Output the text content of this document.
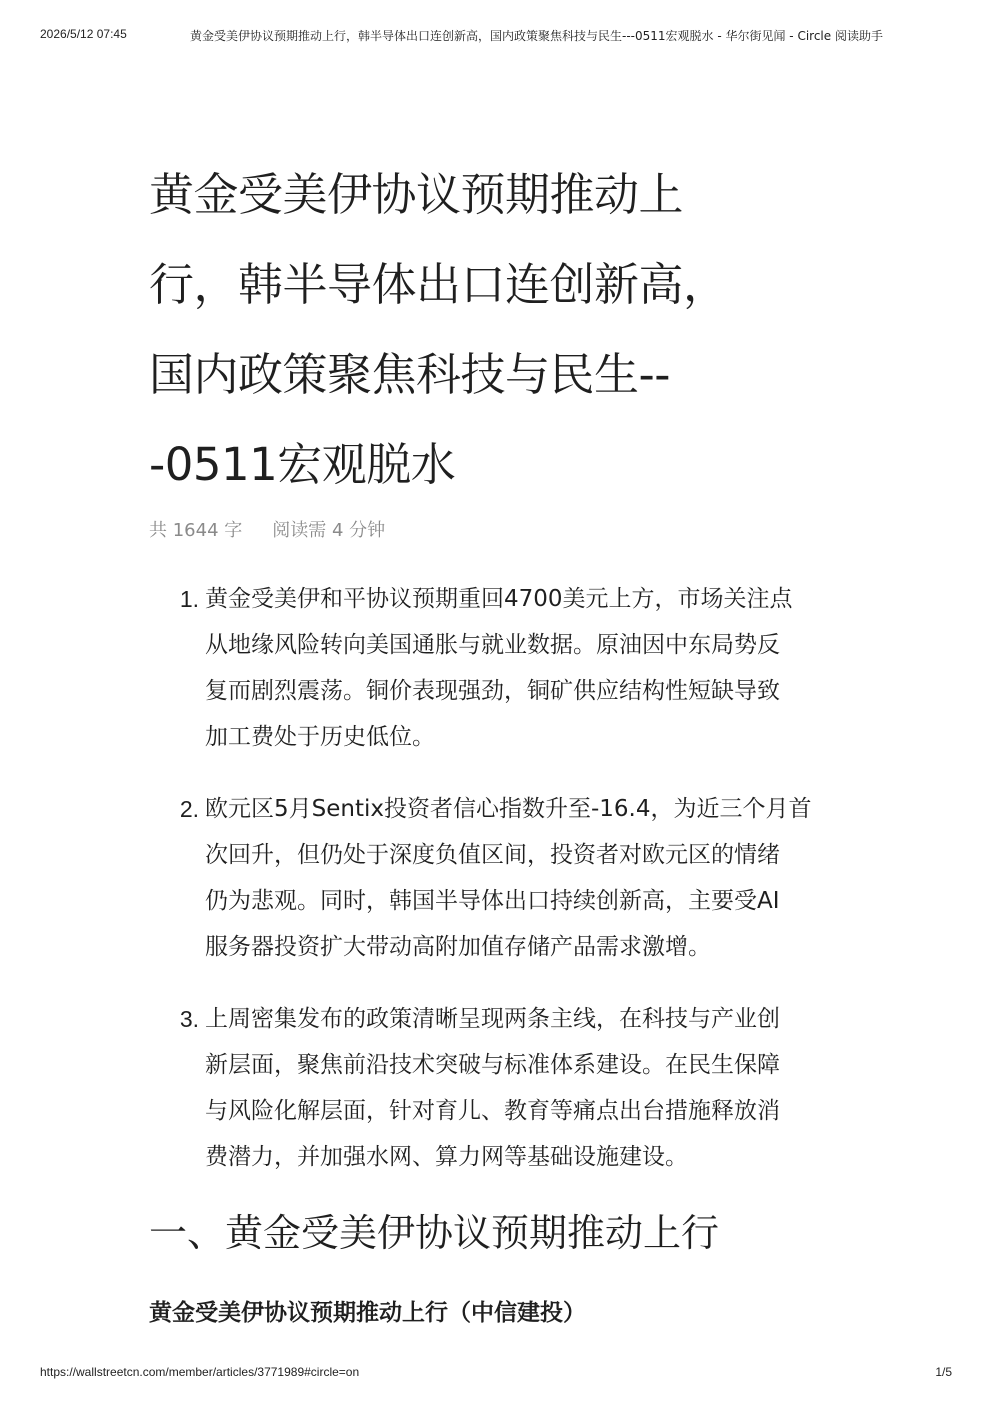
2026/5/12 07:45	黄金受美伊协议预期推动上行，韩半导体出口连创新高，国内政策聚焦科技与民生---0511宏观脱水 - 华尔街见闻 - Circle 阅读助手
黄金受美伊协议预期推动上
行，韩半导体出口连创新高，
国内政策聚焦科技与民生--
-0511宏观脱水
共 1644 字 阅读需 4 分钟
1. 黄金受美伊和平协议预期重回4700美元上方，市场关注点
从地缘风险转向美国通胀与就业数据。原油因中东局势反
复而剧烈震荡。铜价表现强劲，铜矿供应结构性短缺导致
加工费处于历史低位。
2. 欧元区5月Sentix投资者信心指数升至-16.4，为近三个月首
次回升，但仍处于深度负值区间，投资者对欧元区的情绪
仍为悲观。同时，韩国半导体出口持续创新高，主要受AI
服务器投资扩大带动高附加值存储产品需求激增。
3. 上周密集发布的政策清晰呈现两条主线，在科技与产业创
新层面，聚焦前沿技术突破与标准体系建设。在民生保障
与风险化解层面，针对育儿、教育等痛点出台措施释放消
费潜力，并加强水网、算力网等基础设施建设。
一、黄金受美伊协议预期推动上行
黄金受美伊协议预期推动上行（中信建投）
https://wallstreetcn.com/member/articles/3771989#circle=on	1/5
